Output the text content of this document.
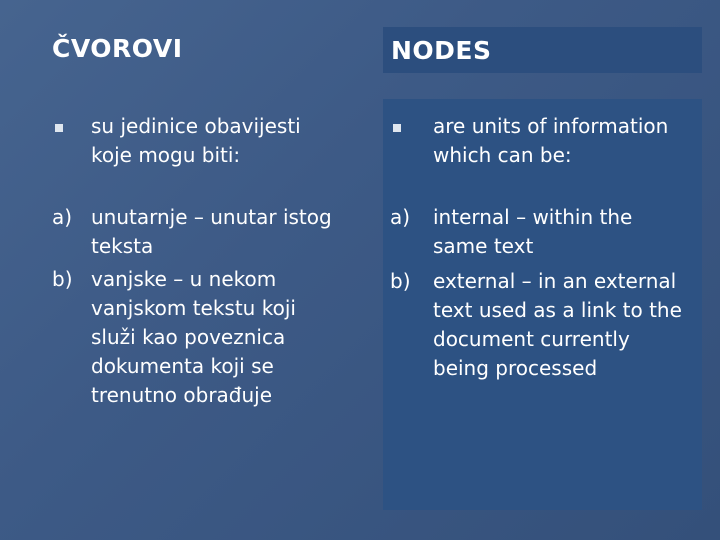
ČVOROVI
su jedinice obavijesti
koje mogu biti:
a) unutarnje – unutar istog
teksta
b) vanjske – u nekom
vanjskom tekstu koji
služi kao poveznica
dokumenta koji se
trenutno obrađuje
NODES
are units of information
which can be:
a) internal – within the
same text
b) external – in an external
text used as a link to the
document currently
being processed
